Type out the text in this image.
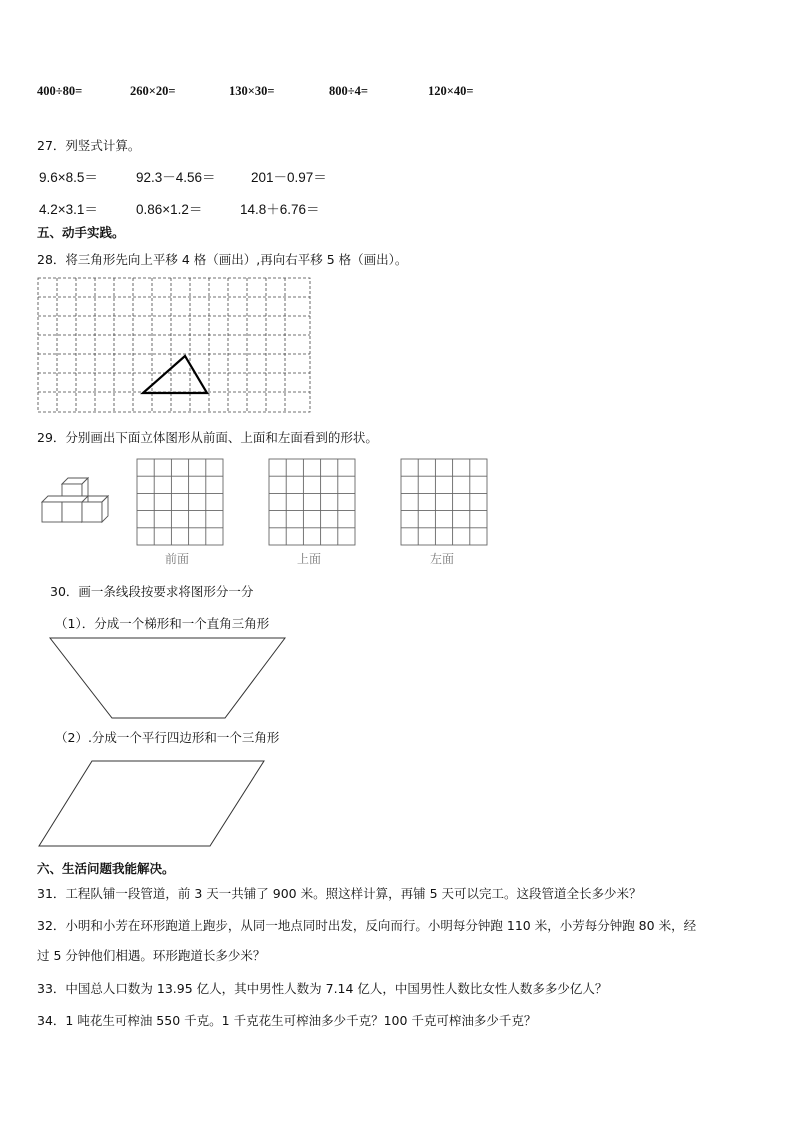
400÷80=	260×20=	130×30=	800÷4=	120×40=
27．列竖式计算。
9.6×8.5＝	92.3－4.56＝	201－0.97＝
4.2×3.1＝	0.86×1.2＝	14.8＋6.76＝
五、动手实践。
28．将三角形先向上平移 4 格（画出）,再向右平移 5 格（画出）。
29．分别画出下面立体图形从前面、上面和左面看到的形状。
前面	上面	左面
30．画一条线段按要求将图形分一分
（1）．分成一个梯形和一个直角三角形
（2）.分成一个平行四边形和一个三角形
六、生活问题我能解决。
31．工程队铺一段管道，前 3 天一共铺了 900 米。照这样计算，再铺 5 天可以完工。这段管道全长多少米？
32．小明和小芳在环形跑道上跑步，从同一地点同时出发，反向而行。小明每分钟跑 110 米，小芳每分钟跑 80 米，经
过 5 分钟他们相遇。环形跑道长多少米？
33．中国总人口数为 13.95 亿人，其中男性人数为 7.14 亿人，中国男性人数比女性人数多多少亿人？
34．1 吨花生可榨油 550 千克。1 千克花生可榨油多少千克？100 千克可榨油多少千克？
